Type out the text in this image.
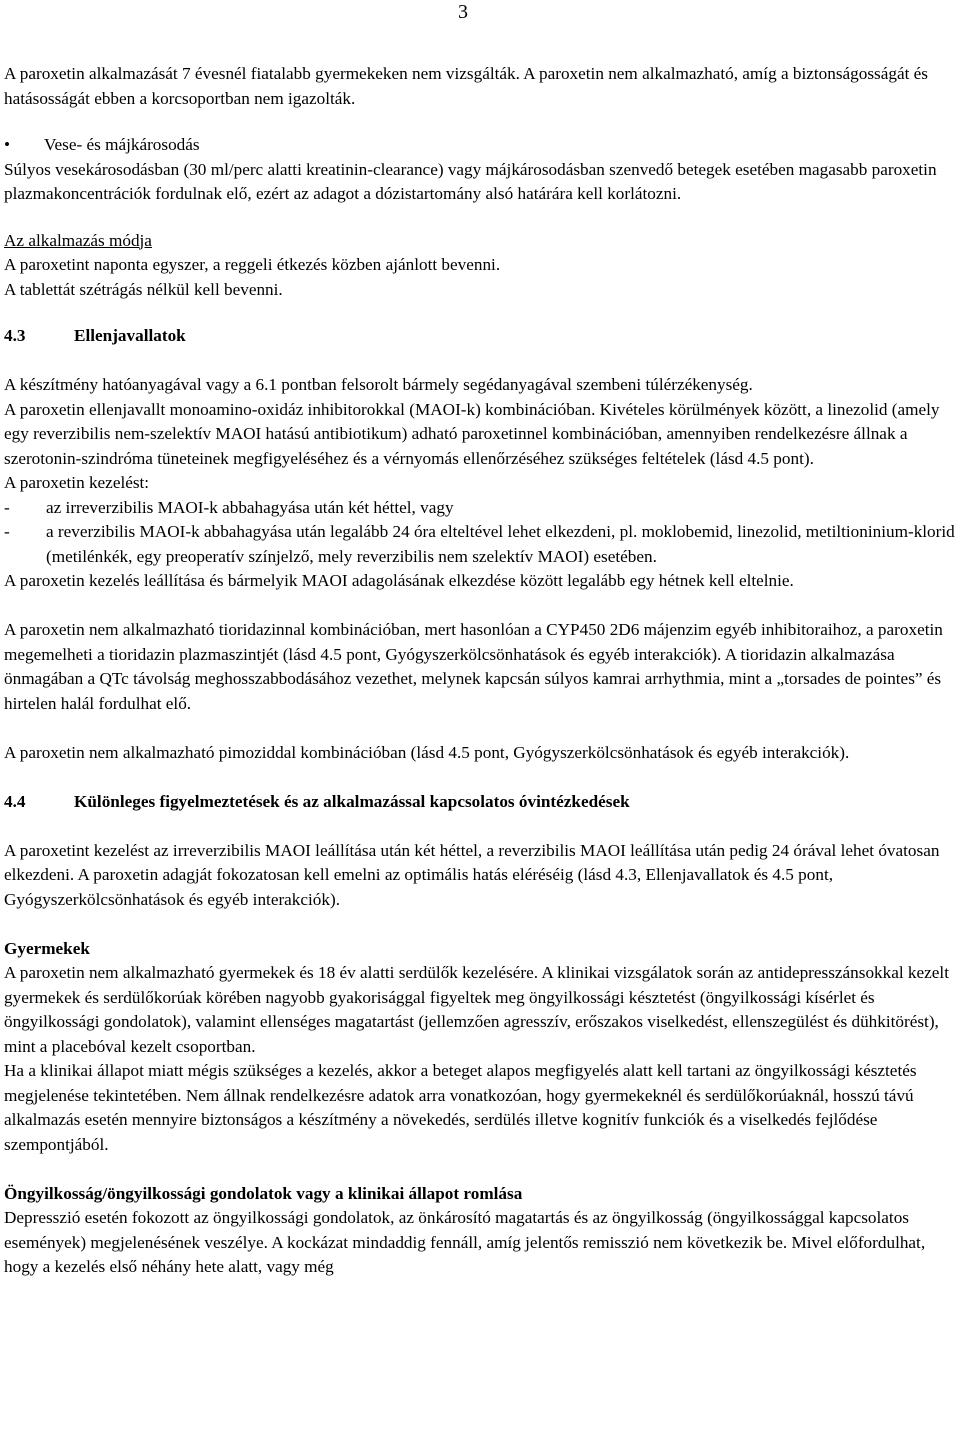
3

A paroxetin alkalmazását 7 évesnél fiatalabb gyermekeken nem vizsgálták. A paroxetin nem alkalmazható, amíg a biztonságosságát és hatásosságát ebben a korcsoportban nem igazolták.

• Vese- és májkárosodás

Súlyos vesekárosodásban (30 ml/perc alatti kreatinin-clearance) vagy májkárosodásban szenvedő betegek esetében magasabb paroxetin plazmakoncentrációk fordulnak elő, ezért az adagot a dózistartomány alsó határára kell korlátozni.

Az alkalmazás módja

A paroxetint naponta egyszer, a reggeli étkezés közben ajánlott bevenni.

A tablettát szétrágás nélkül kell bevenni.

4.3	Ellenjavallatok

A készítmény hatóanyagával vagy a 6.1 pontban felsorolt bármely segédanyagával szembeni túlérzékenység.

A paroxetin ellenjavallt monoamino-oxidáz inhibitorokkal (MAOI-k) kombinációban. Kivételes körülmények között, a linezolid (amely egy reverzibilis nem-szelektív MAOI hatású antibiotikum) adható paroxetinnel kombinációban, amennyiben rendelkezésre állnak a szerotonin-szindróma tüneteinek megfigyeléséhez és a vérnyomás ellenőrzéséhez szükséges feltételek (lásd 4.5 pont).

A paroxetin kezelést:

-	az irreverzibilis MAOI-k abbahagyása után két héttel, vagy
-	a reverzibilis MAOI-k abbahagyása után legalább 24 óra elteltével lehet elkezdeni, pl. moklobemid, linezolid, metiltioninium-klorid (metilénkék, egy preoperatív színjelző, mely reverzibilis nem szelektív MAOI) esetében.

A paroxetin kezelés leállítása és bármelyik MAOI adagolásának elkezdése között legalább egy hétnek kell eltelnie.

A paroxetin nem alkalmazható tioridazinnal kombinációban, mert hasonlóan a CYP450 2D6 májenzim egyéb inhibitoraihoz, a paroxetin megemelheti a tioridazin plazmaszintjét (lásd 4.5 pont, Gyógyszerkölcsönhatások és egyéb interakciók). A tioridazin alkalmazása önmagában a QTc távolság meghosszabbodásához vezethet, melynek kapcsán súlyos kamrai arrhythmia, mint a „torsades de pointes” és hirtelen halál fordulhat elő.

A paroxetin nem alkalmazható pimoziddal kombinációban (lásd 4.5 pont, Gyógyszerkölcsönhatások és egyéb interakciók).

4.4	Különleges figyelmeztetések és az alkalmazással kapcsolatos óvintézkedések

A paroxetint kezelést az irreverzibilis MAOI leállítása után két héttel, a reverzibilis MAOI leállítása után pedig 24 órával lehet óvatosan elkezdeni. A paroxetin adagját fokozatosan kell emelni az optimális hatás eléréséig (lásd 4.3, Ellenjavallatok és 4.5 pont, Gyógyszerkölcsönhatások és egyéb interakciók).

Gyermekek

A paroxetin nem alkalmazható gyermekek és 18 év alatti serdülők kezelésére. A klinikai vizsgálatok során az antidepresszánsokkal kezelt gyermekek és serdülőkorúak körében nagyobb gyakorisággal figyeltek meg öngyilkossági késztetést (öngyilkossági kísérlet és öngyilkossági gondolatok), valamint ellenséges magatartást (jellemzően agresszív, erőszakos viselkedést, ellenszegülést és dühkitörést), mint a placebóval kezelt csoportban.

Ha a klinikai állapot miatt mégis szükséges a kezelés, akkor a beteget alapos megfigyelés alatt kell tartani az öngyilkossági késztetés megjelenése tekintetében. Nem állnak rendelkezésre adatok arra vonatkozóan, hogy gyermekeknél és serdülőkorúaknál, hosszú távú alkalmazás esetén mennyire biztonságos a készítmény a növekedés, serdülés illetve kognitív funkciók és a viselkedés fejlődése szempontjából.

Öngyilkosság/öngyilkossági gondolatok vagy a klinikai állapot romlása

Depresszió esetén fokozott az öngyilkossági gondolatok, az önkárosító magatartás és az öngyilkosság (öngyilkossággal kapcsolatos események) megjelenésének veszélye. A kockázat mindaddig fennáll, amíg jelentős remisszió nem következik be. Mivel előfordulhat, hogy a kezelés első néhány hete alatt, vagy még
